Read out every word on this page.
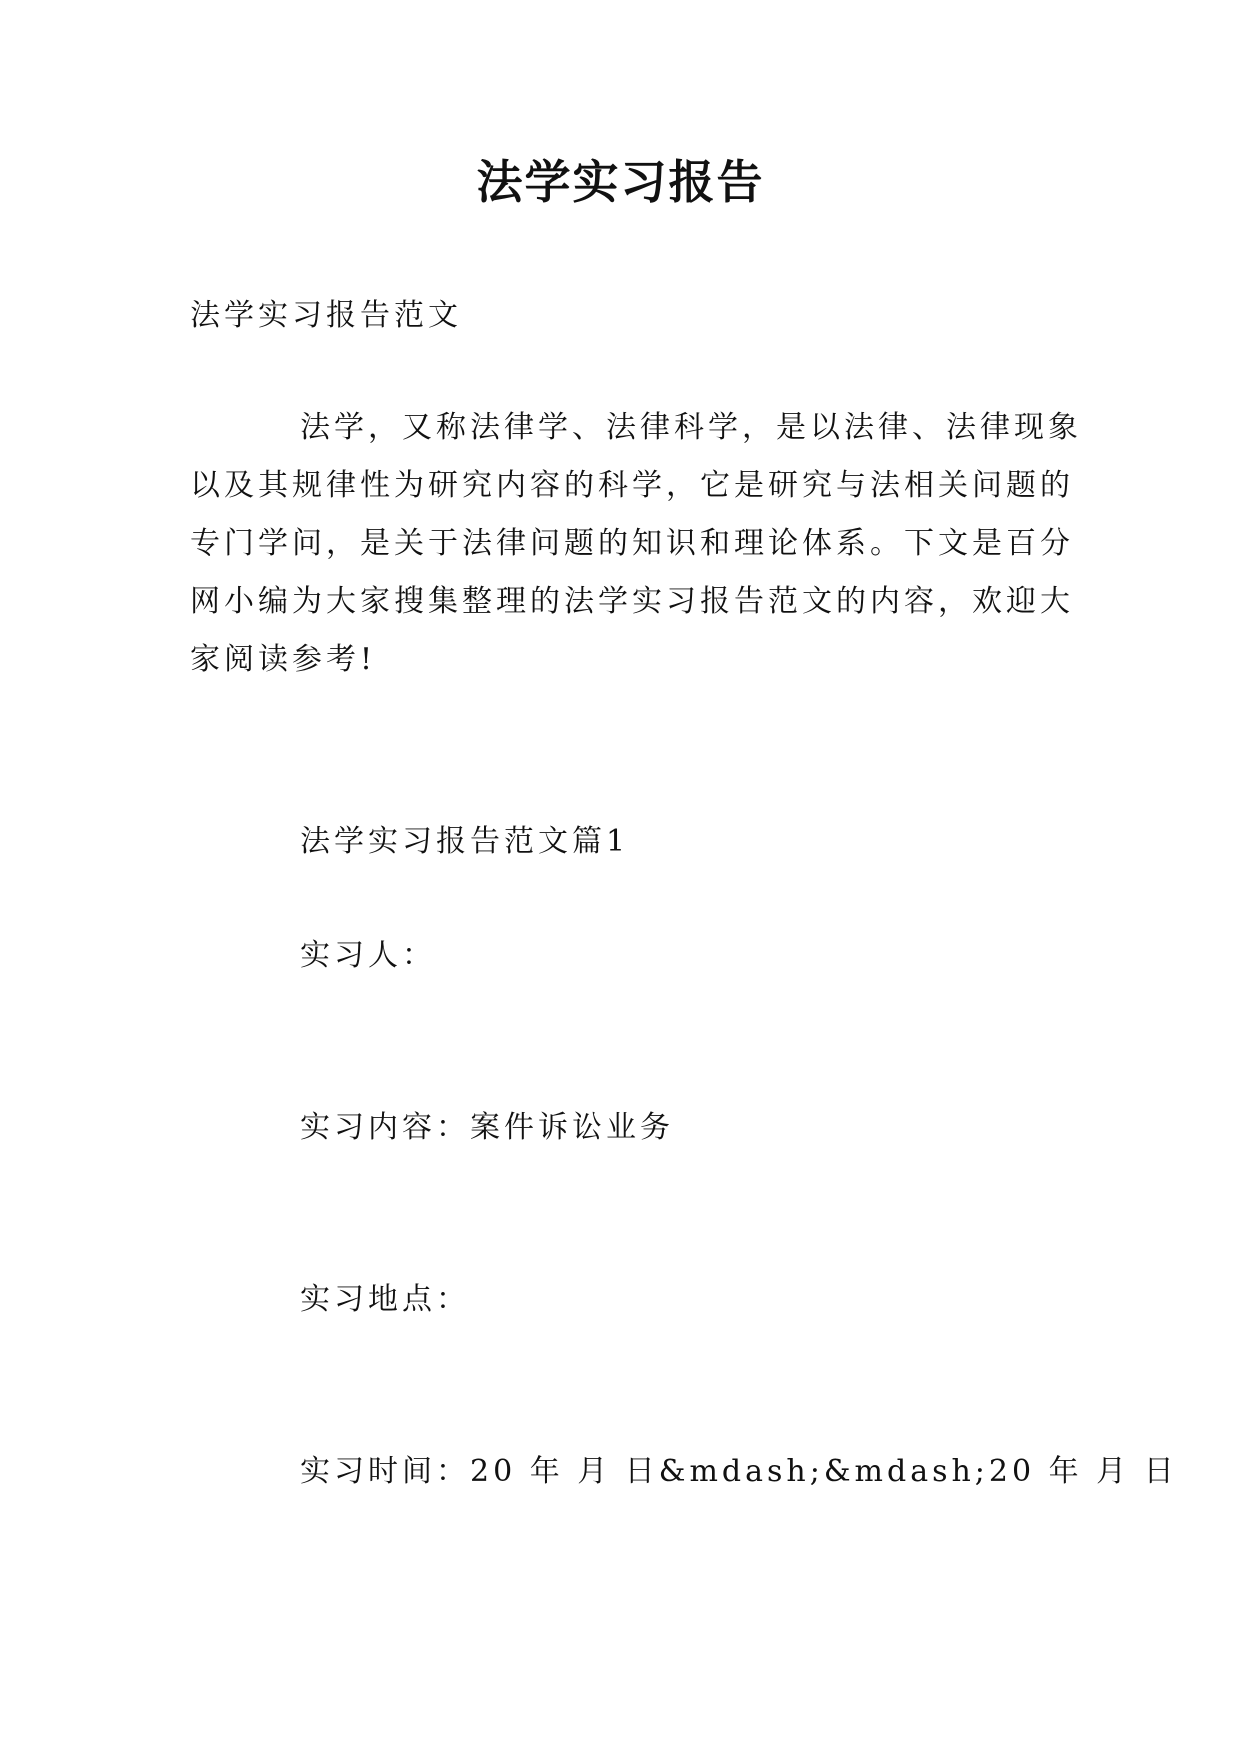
法学实习报告
法学实习报告范文
法学，又称法律学、法律科学，是以法律、法律现象
以及其规律性为研究内容的科学，它是研究与法相关问题的
专门学问，是关于法律问题的知识和理论体系。下文是百分
网小编为大家搜集整理的法学实习报告范文的内容，欢迎大
家阅读参考!
法学实习报告范文篇1
实习人：
实习内容：案件诉讼业务
实习地点：
实习时间：20 年 月 日&mdash;&mdash;20 年 月 日
